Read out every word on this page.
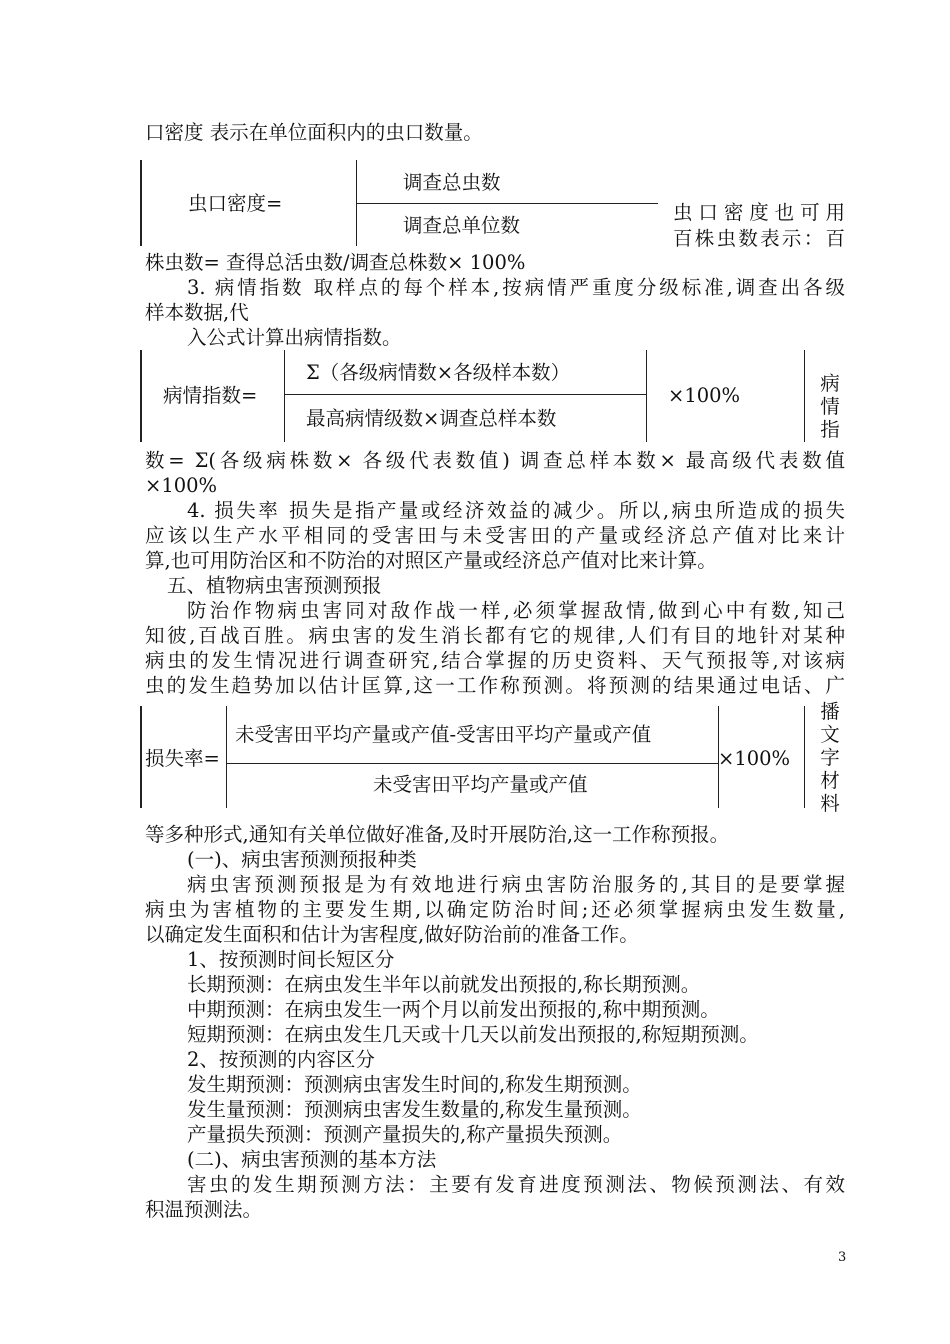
口密度 表示在单位面积内的虫口数量。
虫口密度=
调查总虫数
调查总单位数
虫口密度也可用
百株虫数表示：百
株虫数= 查得总活虫数/调查总株数× 100%
3. 病情指数 取样点的每个样本,按病情严重度分级标准,调查出各级
样本数据,代
入公式计算出病情指数。
病情指数=
Σ（各级病情数×各级样本数）
最高病情级数×调查总样本数
×100%
病情指
数= Σ(各级病株数× 各级代表数值) 调查总样本数× 最高级代表数值
×100%
4. 损失率 损失是指产量或经济效益的减少。所以,病虫所造成的损失
应该以生产水平相同的受害田与未受害田的产量或经济总产值对比来计
算,也可用防治区和不防治的对照区产量或经济总产值对比来计算。
五、植物病虫害预测预报
防治作物病虫害同对敌作战一样,必须掌握敌情,做到心中有数,知己
知彼,百战百胜。病虫害的发生消长都有它的规律,人们有目的地针对某种
病虫的发生情况进行调查研究,结合掌握的历史资料、天气预报等,对该病
虫的发生趋势加以估计匡算,这一工作称预测。将预测的结果通过电话、广
损失率=
未受害田平均产量或产值-受害田平均产量或产值
未受害田平均产量或产值
×100%
播文字材料
等多种形式,通知有关单位做好准备,及时开展防治,这一工作称预报。
(一)、病虫害预测预报种类
病虫害预测预报是为有效地进行病虫害防治服务的,其目的是要掌握
病虫为害植物的主要发生期,以确定防治时间;还必须掌握病虫发生数量,
以确定发生面积和估计为害程度,做好防治前的准备工作。
1、按预测时间长短区分
长期预测：在病虫发生半年以前就发出预报的,称长期预测。
中期预测：在病虫发生一两个月以前发出预报的,称中期预测。
短期预测：在病虫发生几天或十几天以前发出预报的,称短期预测。
2、按预测的内容区分
发生期预测：预测病虫害发生时间的,称发生期预测。
发生量预测：预测病虫害发生数量的,称发生量预测。
产量损失预测：预测产量损失的,称产量损失预测。
(二)、病虫害预测的基本方法
害虫的发生期预测方法：主要有发育进度预测法、物候预测法、有效
积温预测法。
3
